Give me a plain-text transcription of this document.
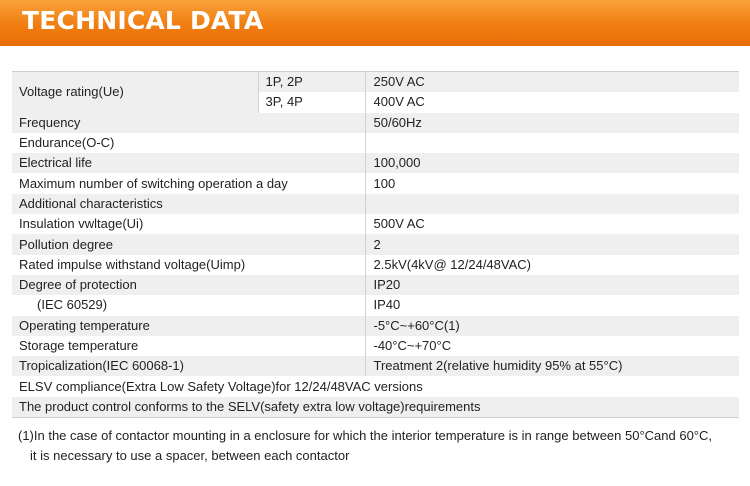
TECHNICAL DATA
Voltage rating(Ue)	1P, 2P	250V AC
	3P, 4P	400V AC
Frequency		50/60Hz
Endurance(O-C)		
Electrical life		100,000
Maximum number of switching operation a day		100
Additional characteristics		
Insulation vwltage(Ui)		500V AC
Pollution degree		2
Rated impulse withstand voltage(Uimp)		2.5kV(4kV@ 12/24/48VAC)
Degree of protection		IP20
(IEC 60529)		IP40
Operating temperature		-5°C~+60°C(1)
Storage temperature		-40°C~+70°C
Tropicalization(IEC 60068-1)		Treatment 2(relative humidity 95% at 55°C)
ELSV compliance(Extra Low Safety Voltage)for 12/24/48VAC versions		
The product control conforms to the SELV(safety extra low voltage)requirements		
(1)In the case of contactor mounting in a enclosure for which the interior temperature is in range between 50°Cand 60°C,
it is necessary to use a spacer, between each contactor
